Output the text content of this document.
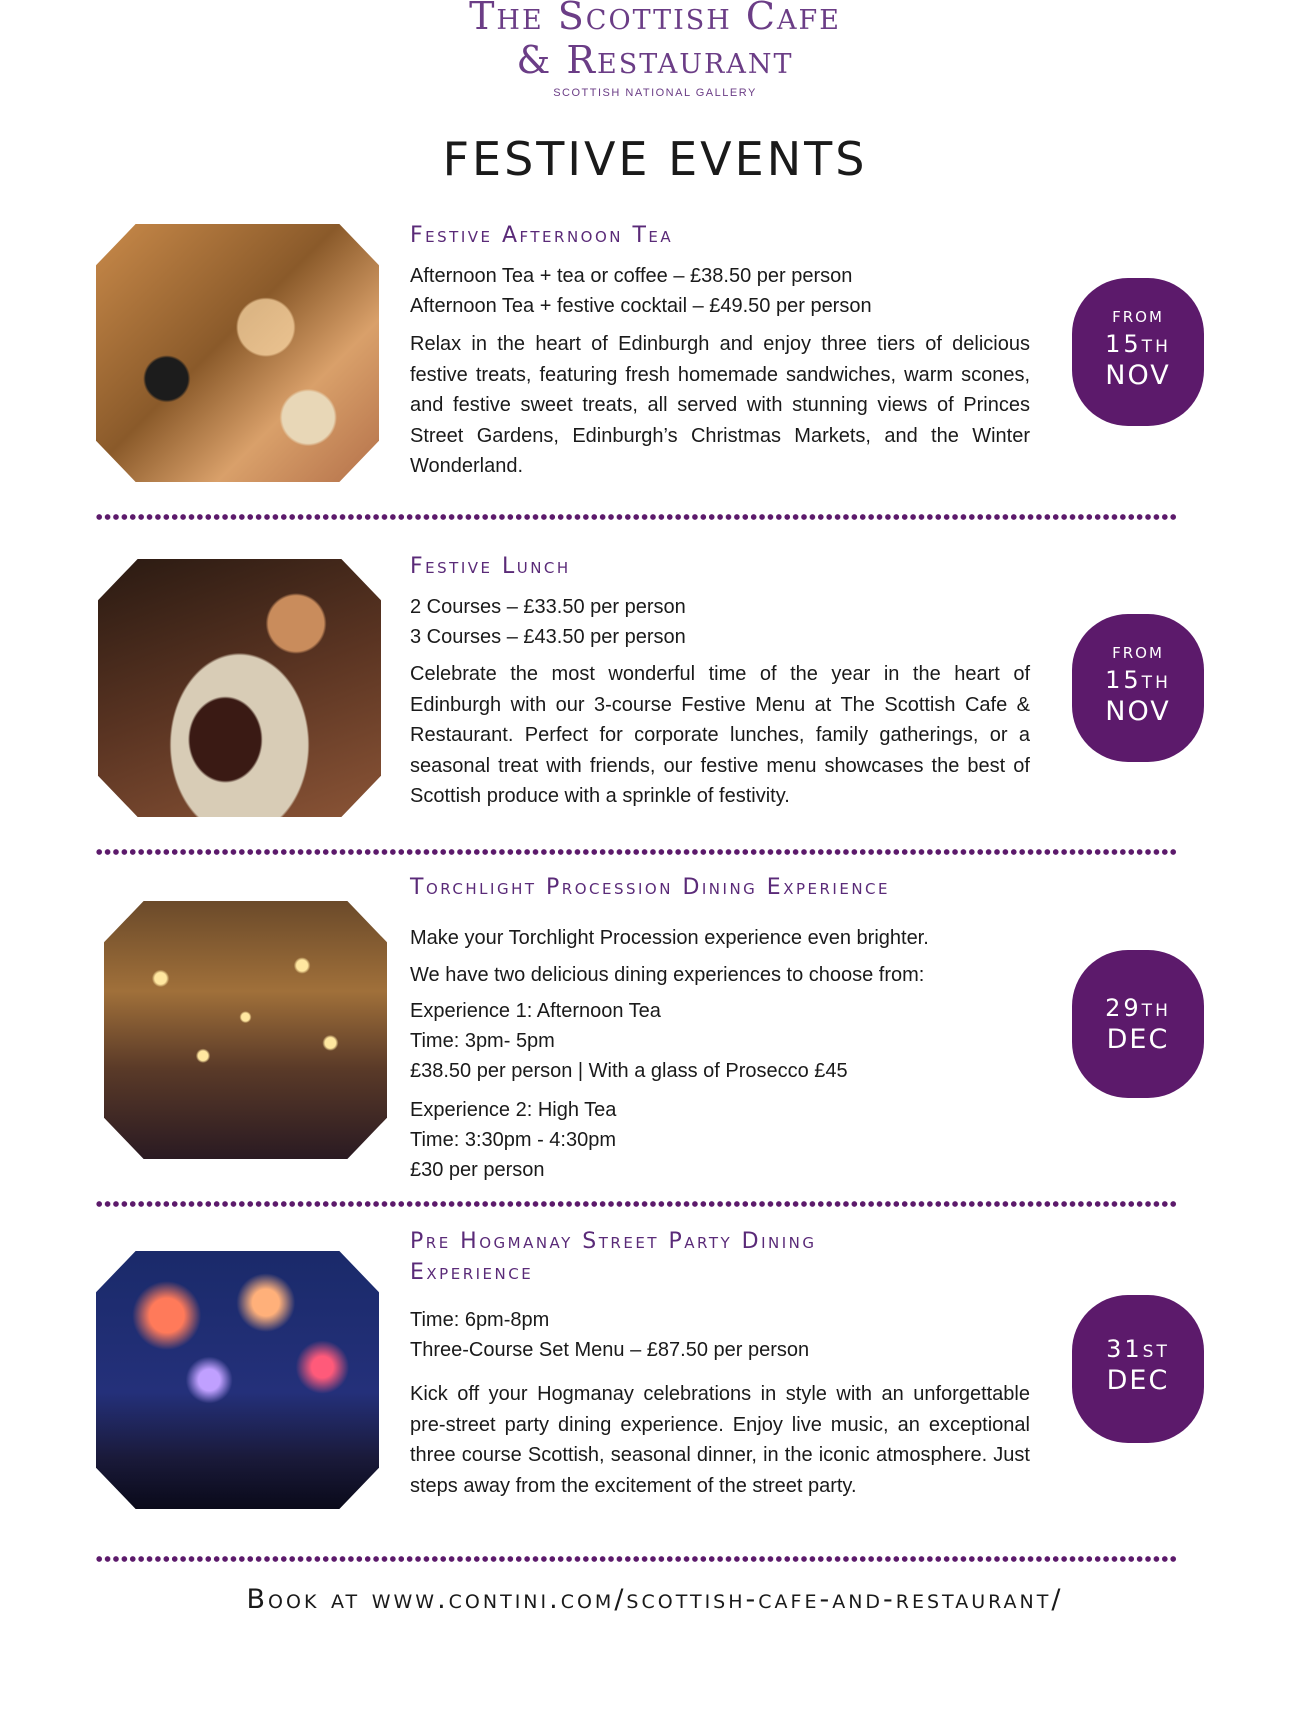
The Scottish Cafe
& Restaurant
SCOTTISH NATIONAL GALLERY
FESTIVE EVENTS
Festive Afternoon Tea
Afternoon Tea + tea or coffee – £38.50 per person
Afternoon Tea + festive cocktail – £49.50 per person
Relax in the heart of Edinburgh and enjoy three tiers of delicious festive treats, featuring fresh homemade sandwiches, warm scones, and festive sweet treats, all served with stunning views of Princes Street Gardens, Edinburgh’s Christmas Markets, and the Winter Wonderland.
FROM
15th
NOV
Festive Lunch
2 Courses – £33.50 per person
3 Courses – £43.50 per person
Celebrate the most wonderful time of the year in the heart of Edinburgh with our 3-course Festive Menu at The Scottish Cafe & Restaurant. Perfect for corporate lunches, family gatherings, or a seasonal treat with friends, our festive menu showcases the best of Scottish produce with a sprinkle of festivity.
FROM
15th
NOV
Torchlight Procession Dining Experience
Make your Torchlight Procession experience even brighter.
We have two delicious dining experiences to choose from:
Experience 1: Afternoon Tea
Time: 3pm- 5pm
£38.50 per person | With a glass of Prosecco £45
Experience 2: High Tea
Time: 3:30pm - 4:30pm
£30 per person
29th
DEC
Pre Hogmanay Street Party Dining
Experience
Time: 6pm-8pm
Three-Course Set Menu – £87.50 per person
Kick off your Hogmanay celebrations in style with an unforgettable pre-street party dining experience. Enjoy live music, an exceptional three course Scottish, seasonal dinner, in the iconic atmosphere. Just steps away from the excitement of the street party.
31st
DEC
Book at www.contini.com/scottish-cafe-and-restaurant/
